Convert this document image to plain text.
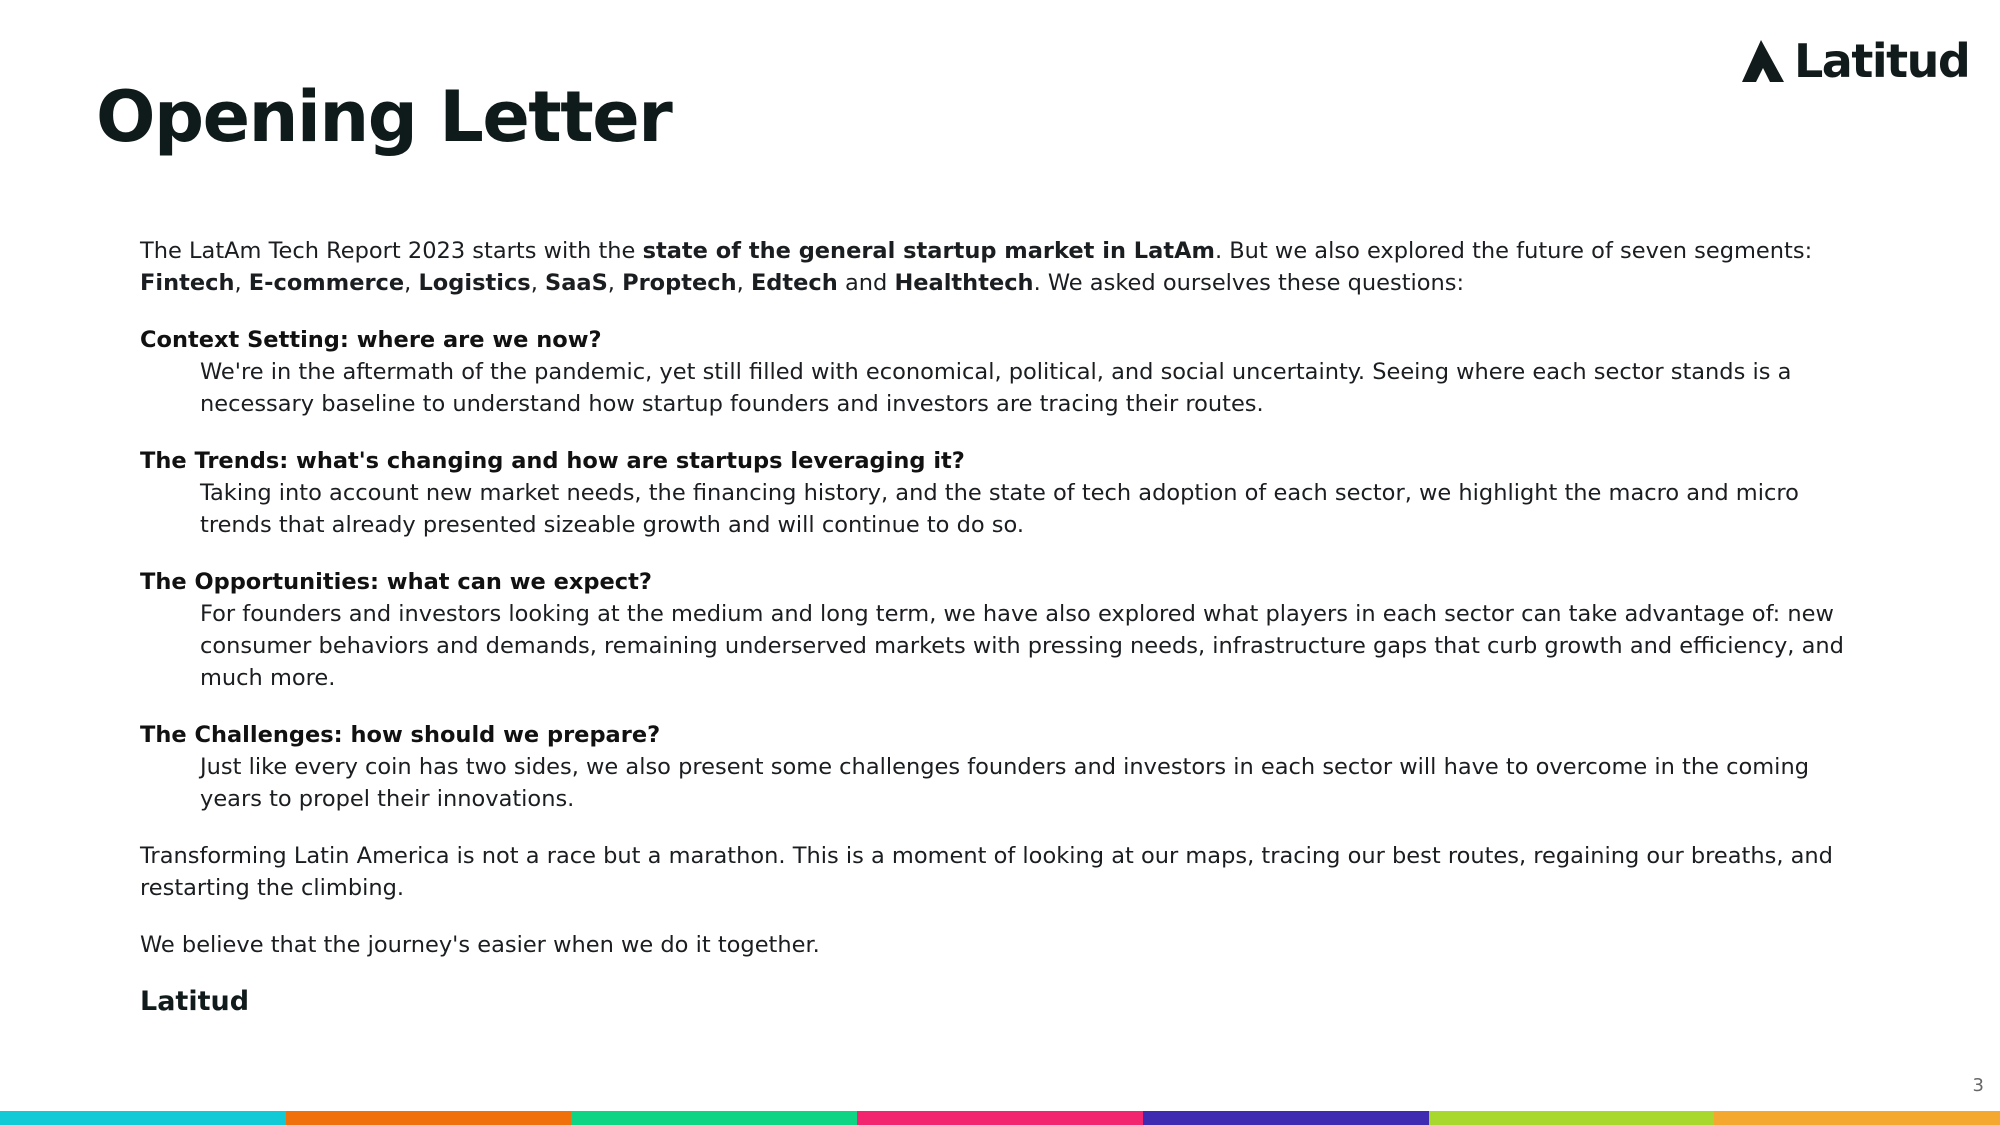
Latitud
Opening Letter

The LatAm Tech Report 2023 starts with the state of the general startup market in LatAm. But we also explored the future of seven segments: Fintech, E-commerce, Logistics, SaaS, Proptech, Edtech and Healthtech. We asked ourselves these questions:

Context Setting: where are we now?

We're in the aftermath of the pandemic, yet still filled with economical, political, and social uncertainty. Seeing where each sector stands is a necessary baseline to understand how startup founders and investors are tracing their routes.

The Trends: what's changing and how are startups leveraging it?

Taking into account new market needs, the financing history, and the state of tech adoption of each sector, we highlight the macro and micro trends that already presented sizeable growth and will continue to do so.

The Opportunities: what can we expect?

For founders and investors looking at the medium and long term, we have also explored what players in each sector can take advantage of: new consumer behaviors and demands, remaining underserved markets with pressing needs, infrastructure gaps that curb growth and efficiency, and much more.

The Challenges: how should we prepare?

Just like every coin has two sides, we also present some challenges founders and investors in each sector will have to overcome in the coming years to propel their innovations.

Transforming Latin America is not a race but a marathon. This is a moment of looking at our maps, tracing our best routes, regaining our breaths, and restarting the climbing.

We believe that the journey's easier when we do it together.

Latitud

3
